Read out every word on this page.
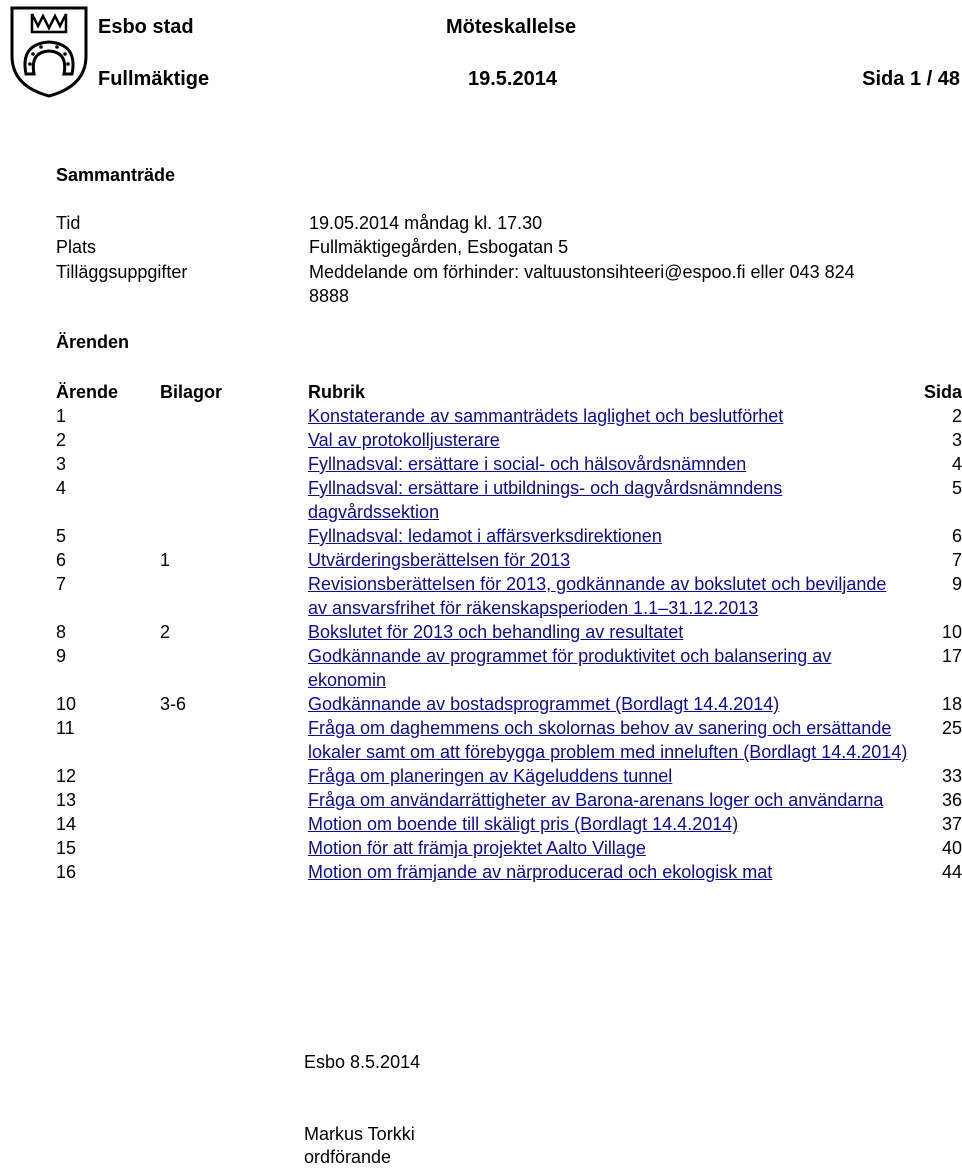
Esbo stad	Möteskallelse
Fullmäktige	19.5.2014	Sida 1 / 48
Sammanträde
Tid	19.05.2014 måndag kl. 17.30
Plats	Fullmäktigegården, Esbogatan 5
Tilläggsuppgifter	Meddelande om förhinder: valtuustonsihteeri@espoo.fi eller 043 824
8888
Ärenden
Ärende	Bilagor	Rubrik	Sida
1		Konstaterande av sammanträdets laglighet och beslutförhet	2
2		Val av protokolljusterare	3
3		Fyllnadsval: ersättare i social- och hälsovårdsnämnden	4
4		Fyllnadsval: ersättare i utbildnings- och dagvårdsnämndens dagvårdssektion	5
5		Fyllnadsval: ledamot i affärsverksdirektionen	6
6	1	Utvärderingsberättelsen för 2013	7
7		Revisionsberättelsen för 2013, godkännande av bokslutet och beviljande av ansvarsfrihet för räkenskapsperioden 1.1–31.12.2013	9
8	2	Bokslutet för 2013 och behandling av resultatet	10
9		Godkännande av programmet för produktivitet och balansering av ekonomin	17
10	3-6	Godkännande av bostadsprogrammet (Bordlagt 14.4.2014)	18
11		Fråga om daghemmens och skolornas behov av sanering och ersättande lokaler samt om att förebygga problem med inneluften (Bordlagt 14.4.2014)	25
12		Fråga om planeringen av Kägeluddens tunnel	33
13		Fråga om användarrättigheter av Barona-arenans loger och användarna	36
14		Motion om boende till skäligt pris (Bordlagt 14.4.2014)	37
15		Motion för att främja projektet Aalto Village	40
16		Motion om främjande av närproducerad och ekologisk mat	44
Esbo 8.5.2014
Markus Torkki
ordförande
